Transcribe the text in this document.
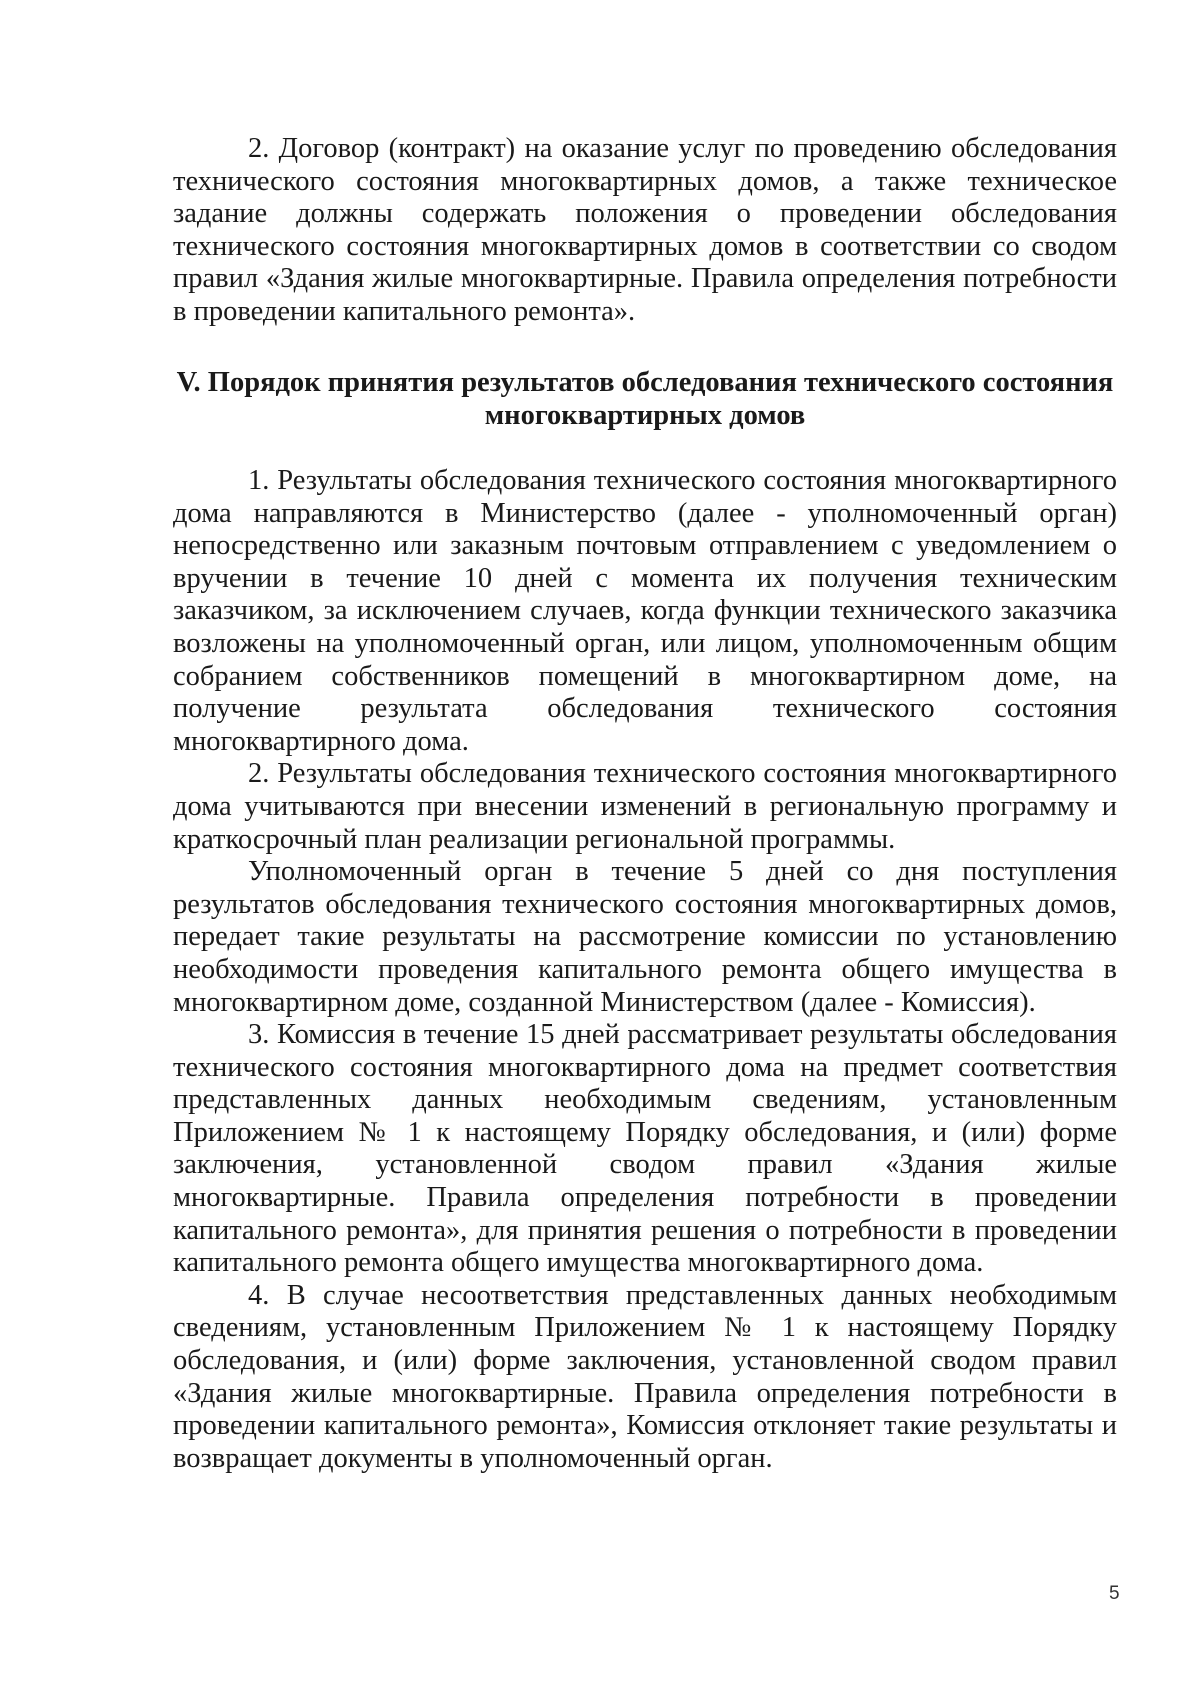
2. Договор (контракт) на оказание услуг по проведению обследования технического состояния многоквартирных домов, а также техническое задание должны содержать положения о проведении обследования технического состояния многоквартирных домов в соответствии со сводом правил «Здания жилые многоквартирные. Правила определения потребности в проведении капитального ремонта».

V. Порядок принятия результатов обследования технического состояния
многоквартирных домов

1. Результаты обследования технического состояния многоквартирного дома направляются в Министерство (далее - уполномоченный орган) непосредственно или заказным почтовым отправлением с уведомлением о вручении в течение 10 дней с момента их получения техническим заказчиком, за исключением случаев, когда функции технического заказчика возложены на уполномоченный орган, или лицом, уполномоченным общим собранием собственников помещений в многоквартирном доме, на получение результата обследования технического состояния многоквартирного дома.

2. Результаты обследования технического состояния многоквартирного дома учитываются при внесении изменений в региональную программу и краткосрочный план реализации региональной программы.

Уполномоченный орган в течение 5 дней со дня поступления результатов обследования технического состояния многоквартирных домов, передает такие результаты на рассмотрение комиссии по установлению необходимости проведения капитального ремонта общего имущества в многоквартирном доме, созданной Министерством (далее - Комиссия).

3. Комиссия в течение 15 дней рассматривает результаты обследования технического состояния многоквартирного дома на предмет соответствия представленных данных необходимым сведениям, установленным Приложением № 1 к настоящему Порядку обследования, и (или) форме заключения, установленной сводом правил «Здания жилые многоквартирные. Правила определения потребности в проведении капитального ремонта», для принятия решения о потребности в проведении капитального ремонта общего имущества многоквартирного дома.

4. В случае несоответствия представленных данных необходимым сведениям, установленным Приложением № 1 к настоящему Порядку обследования, и (или) форме заключения, установленной сводом правил «Здания жилые многоквартирные. Правила определения потребности в проведении капитального ремонта», Комиссия отклоняет такие результаты и возвращает документы в уполномоченный орган.

5
